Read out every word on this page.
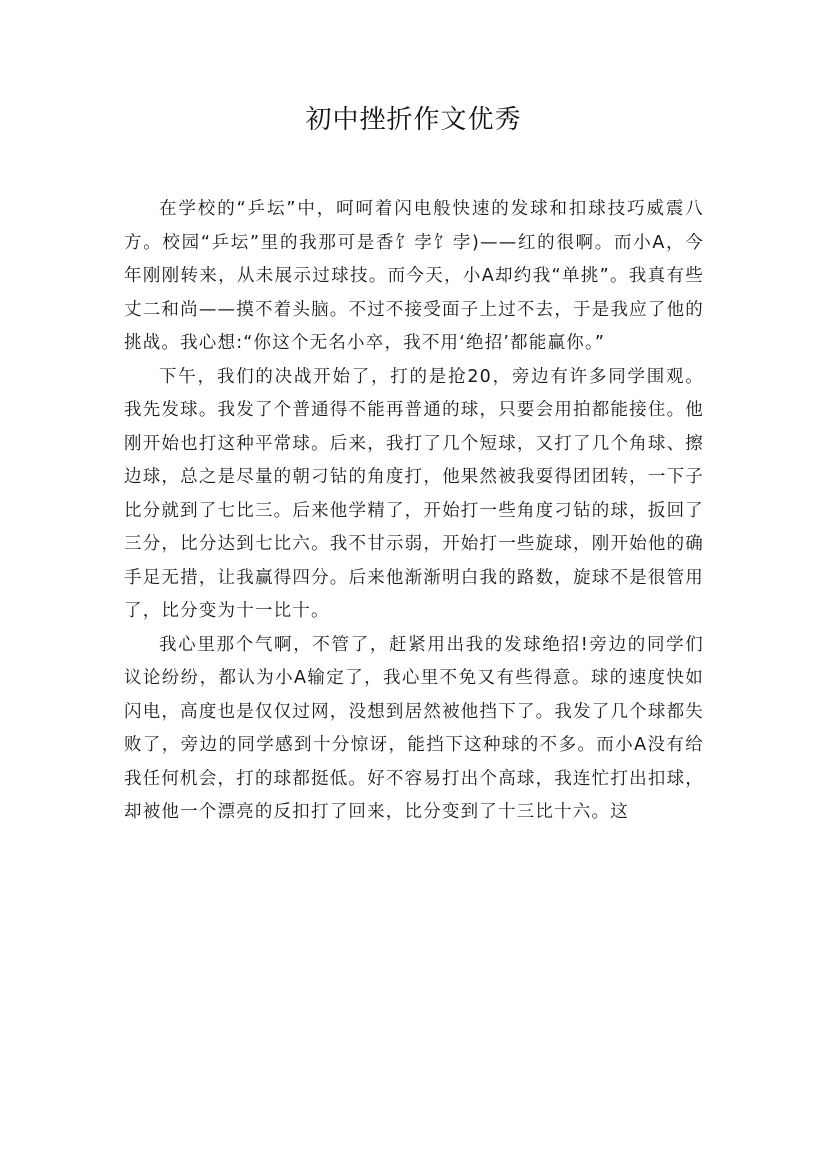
初中挫折作文优秀

在学校的“乒坛”中，呵呵着闪电般快速的发球和扣球技巧威震八方。校园“乒坛”里的我那可是香饣孛饣孛)——红的很啊。而小A，今年刚刚转来，从未展示过球技。而今天，小A却约我“单挑”。我真有些丈二和尚——摸不着头脑。不过不接受面子上过不去，于是我应了他的挑战。我心想:“你这个无名小卒，我不用‘绝招’都能赢你。”

下午，我们的决战开始了，打的是抢20，旁边有许多同学围观。我先发球。我发了个普通得不能再普通的球，只要会用拍都能接住。他刚开始也打这种平常球。后来，我打了几个短球，又打了几个角球、擦边球，总之是尽量的朝刁钻的角度打，他果然被我耍得团团转，一下子比分就到了七比三。后来他学精了，开始打一些角度刁钻的球，扳回了三分，比分达到七比六。我不甘示弱，开始打一些旋球，刚开始他的确手足无措，让我赢得四分。后来他渐渐明白我的路数，旋球不是很管用了，比分变为十一比十。

我心里那个气啊，不管了，赶紧用出我的发球绝招!旁边的同学们议论纷纷，都认为小A输定了，我心里不免又有些得意。球的速度快如闪电，高度也是仅仅过网，没想到居然被他挡下了。我发了几个球都失败了，旁边的同学感到十分惊讶，能挡下这种球的不多。而小A没有给我任何机会，打的球都挺低。好不容易打出个高球，我连忙打出扣球，却被他一个漂亮的反扣打了回来，比分变到了十三比十六。这
